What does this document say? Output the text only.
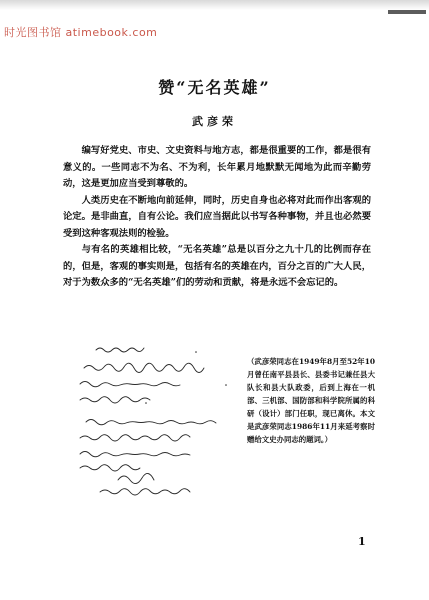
时光图书馆 atimebook.com
赞“无名英雄”
武彦荣

编写好党史、市史、文史资料与地方志，都是很重要的工作，都是很有意义的。一些同志不为名、不为利，长年累月地默默无闻地为此而辛勤劳动，这是更加应当受到尊敬的。

人类历史在不断地向前延伸，同时，历史自身也必将对此而作出客观的论定。是非曲直，自有公论。我们应当据此以书写各种事物，并且也必然要受到这种客观法则的检验。

与有名的英雄相比较，“无名英雄”总是以百分之九十几的比例而存在的，但是，客观的事实则是，包括有名的英雄在内，百分之百的广大人民，对于为数众多的“无名英雄”们的劳动和贡献，将是永远不会忘记的。

（武彦荣同志在1949年8月至52年10月曾任南平县县长、县委书记兼任县大队长和县大队政委，后到上海在一机部、三机部、国防部和科学院所属的科研（设计）部门任职，现已离休。本文是武彦荣同志1986年11月来延考察时赠给文史办同志的题词。）
1
